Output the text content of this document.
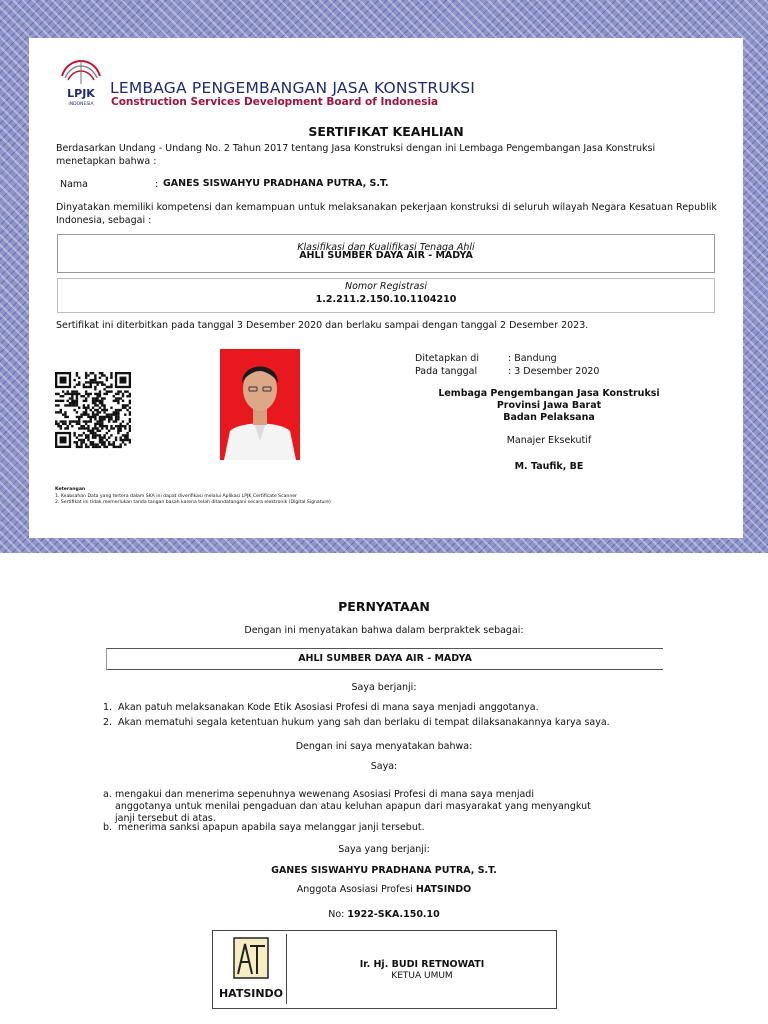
LPJK
INDONESIA
LEMBAGA PENGEMBANGAN JASA KONSTRUKSI
Construction Services Development Board of Indonesia
SERTIFIKAT KEAHLIAN
Berdasarkan Undang - Undang No. 2 Tahun 2017 tentang Jasa Konstruksi dengan ini Lembaga Pengembangan Jasa Konstruksi menetapkan bahwa :
Nama	: GANES SISWAHYU PRADHANA PUTRA, S.T.
Dinyatakan memiliki kompetensi dan kemampuan untuk melaksanakan pekerjaan konstruksi di seluruh wilayah Negara Kesatuan Republik Indonesia, sebagai :
Klasifikasi dan Kualifikasi Tenaga Ahli
AHLI SUMBER DAYA AIR - MADYA
Nomor Registrasi
1.2.211.2.150.10.1104210
Sertifikat ini diterbitkan pada tanggal 3 Desember 2020 dan berlaku sampai dengan tanggal 2 Desember 2023.
Ditetapkan di
Pada tanggal
: Bandung
: 3 Desember 2020
Lembaga Pengembangan Jasa Konstruksi
Provinsi Jawa Barat
Badan Pelaksana
Manajer Eksekutif
M. Taufik, BE
Keterangan
1. Keabsahan Data yang tertera dalam SKA ini dapat diverifikasi melalui Aplikasi LPJK Certificate Scanner
2. Sertifikat ini tidak memerlukan tanda tangan basah karena telah ditandatangani secara elektronik (Digital Signature)
PERNYATAAN
Dengan ini menyatakan bahwa dalam berpraktek sebagai:
AHLI SUMBER DAYA AIR - MADYA
Saya berjanji:
1. Akan patuh melaksanakan Kode Etik Asosiasi Profesi di mana saya menjadi anggotanya.
2. Akan mematuhi segala ketentuan hukum yang sah dan berlaku di tempat dilaksanakannya karya saya.
Dengan ini saya menyatakan bahwa:
Saya:
a. mengakui dan menerima sepenuhnya wewenang Asosiasi Profesi di mana saya menjadi anggotanya untuk menilai pengaduan dan atau keluhan apapun dari masyarakat yang menyangkut janji tersebut di atas.
b. menerima sanksi apapun apabila saya melanggar janji tersebut.
Saya yang berjanji:
GANES SISWAHYU PRADHANA PUTRA, S.T.
Anggota Asosiasi Profesi HATSINDO
No: 1922-SKA.150.10
HATSINDO
Ir. Hj. BUDI RETNOWATI
KETUA UMUM
